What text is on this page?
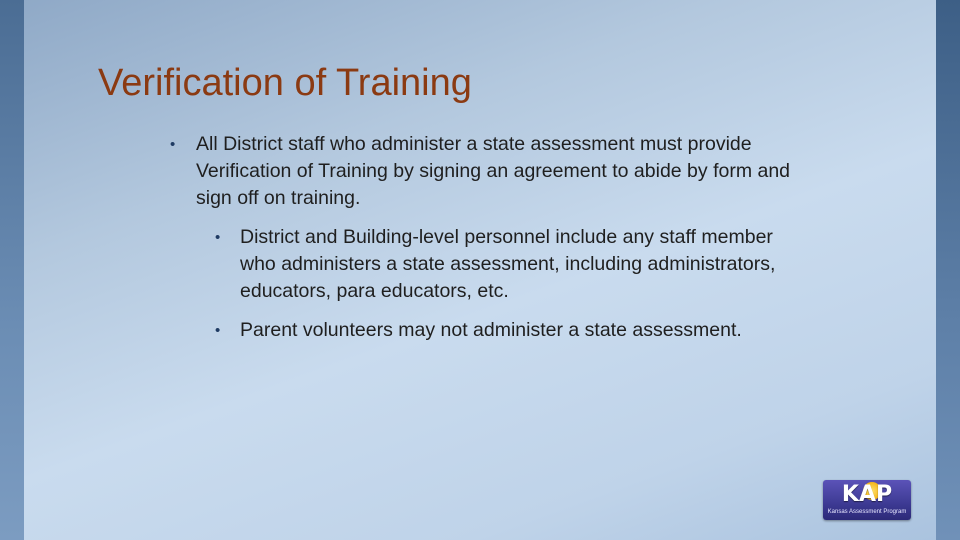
Verification of Training
• All District staff who administer a state assessment must provide Verification of Training by signing an agreement to abide by form and sign off on training.
• District and Building-level personnel include any staff member who administers a state assessment, including administrators, educators, para educators, etc.
• Parent volunteers may not administer a state assessment.
KAP
Kansas Assessment Program
